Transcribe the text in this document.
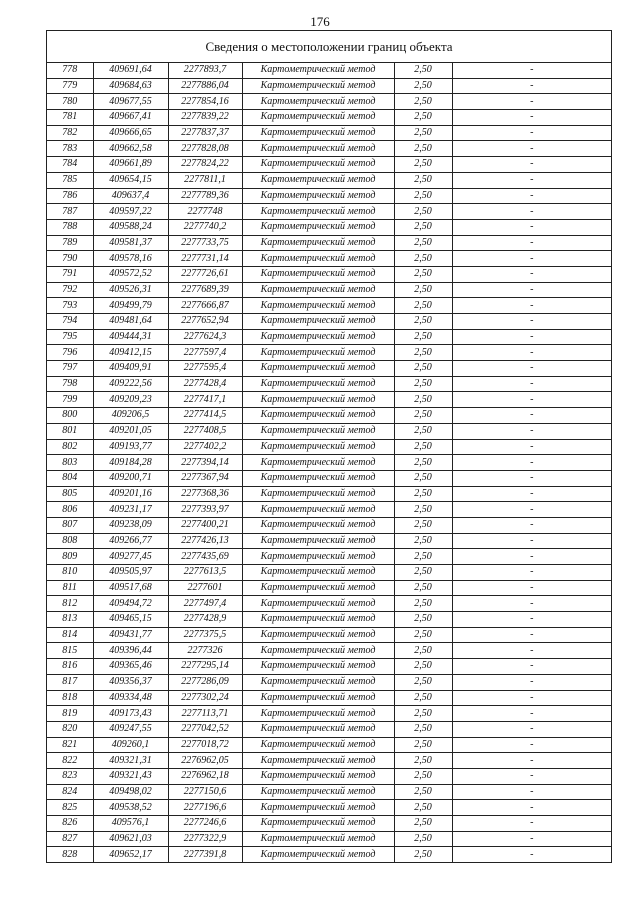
176
Сведения о местоположении границ объекта
778	409691,64	2277893,7	Картометрический метод	2,50	-
779	409684,63	2277886,04	Картометрический метод	2,50	-
780	409677,55	2277854,16	Картометрический метод	2,50	-
781	409667,41	2277839,22	Картометрический метод	2,50	-
782	409666,65	2277837,37	Картометрический метод	2,50	-
783	409662,58	2277828,08	Картометрический метод	2,50	-
784	409661,89	2277824,22	Картометрический метод	2,50	-
785	409654,15	2277811,1	Картометрический метод	2,50	-
786	409637,4	2277789,36	Картометрический метод	2,50	-
787	409597,22	2277748	Картометрический метод	2,50	-
788	409588,24	2277740,2	Картометрический метод	2,50	-
789	409581,37	2277733,75	Картометрический метод	2,50	-
790	409578,16	2277731,14	Картометрический метод	2,50	-
791	409572,52	2277726,61	Картометрический метод	2,50	-
792	409526,31	2277689,39	Картометрический метод	2,50	-
793	409499,79	2277666,87	Картометрический метод	2,50	-
794	409481,64	2277652,94	Картометрический метод	2,50	-
795	409444,31	2277624,3	Картометрический метод	2,50	-
796	409412,15	2277597,4	Картометрический метод	2,50	-
797	409409,91	2277595,4	Картометрический метод	2,50	-
798	409222,56	2277428,4	Картометрический метод	2,50	-
799	409209,23	2277417,1	Картометрический метод	2,50	-
800	409206,5	2277414,5	Картометрический метод	2,50	-
801	409201,05	2277408,5	Картометрический метод	2,50	-
802	409193,77	2277402,2	Картометрический метод	2,50	-
803	409184,28	2277394,14	Картометрический метод	2,50	-
804	409200,71	2277367,94	Картометрический метод	2,50	-
805	409201,16	2277368,36	Картометрический метод	2,50	-
806	409231,17	2277393,97	Картометрический метод	2,50	-
807	409238,09	2277400,21	Картометрический метод	2,50	-
808	409266,77	2277426,13	Картометрический метод	2,50	-
809	409277,45	2277435,69	Картометрический метод	2,50	-
810	409505,97	2277613,5	Картометрический метод	2,50	-
811	409517,68	2277601	Картометрический метод	2,50	-
812	409494,72	2277497,4	Картометрический метод	2,50	-
813	409465,15	2277428,9	Картометрический метод	2,50	-
814	409431,77	2277375,5	Картометрический метод	2,50	-
815	409396,44	2277326	Картометрический метод	2,50	-
816	409365,46	2277295,14	Картометрический метод	2,50	-
817	409356,37	2277286,09	Картометрический метод	2,50	-
818	409334,48	2277302,24	Картометрический метод	2,50	-
819	409173,43	2277113,71	Картометрический метод	2,50	-
820	409247,55	2277042,52	Картометрический метод	2,50	-
821	409260,1	2277018,72	Картометрический метод	2,50	-
822	409321,31	2276962,05	Картометрический метод	2,50	-
823	409321,43	2276962,18	Картометрический метод	2,50	-
824	409498,02	2277150,6	Картометрический метод	2,50	-
825	409538,52	2277196,6	Картометрический метод	2,50	-
826	409576,1	2277246,6	Картометрический метод	2,50	-
827	409621,03	2277322,9	Картометрический метод	2,50	-
828	409652,17	2277391,8	Картометрический метод	2,50	-
